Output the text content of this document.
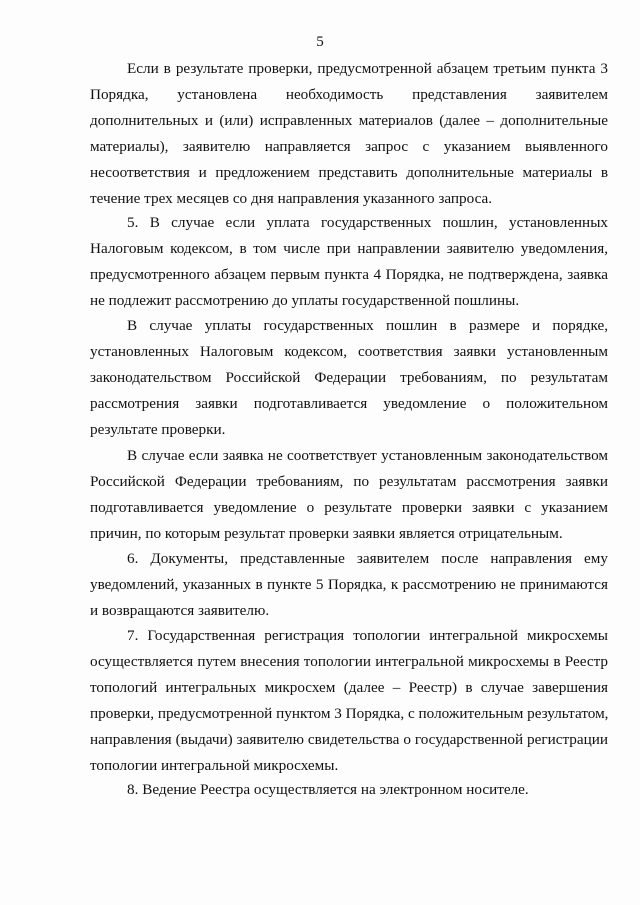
5
Если в результате проверки, предусмотренной абзацем третьим пункта 3
Порядка, установлена необходимость представления заявителем
дополнительных и (или) исправленных материалов (далее – дополнительные
материалы), заявителю направляется запрос с указанием выявленного
несоответствия и предложением представить дополнительные материалы в
течение трех месяцев со дня направления указанного запроса.
5. В случае если уплата государственных пошлин, установленных
Налоговым кодексом, в том числе при направлении заявителю уведомления,
предусмотренного абзацем первым пункта 4 Порядка, не подтверждена, заявка
не подлежит рассмотрению до уплаты государственной пошлины.
В случае уплаты государственных пошлин в размере и порядке,
установленных Налоговым кодексом, соответствия заявки установленным
законодательством Российской Федерации требованиям, по результатам
рассмотрения заявки подготавливается уведомление о положительном
результате проверки.
В случае если заявка не соответствует установленным законодательством
Российской Федерации требованиям, по результатам рассмотрения заявки
подготавливается уведомление о результате проверки заявки с указанием
причин, по которым результат проверки заявки является отрицательным.
6. Документы, представленные заявителем после направления ему
уведомлений, указанных в пункте 5 Порядка, к рассмотрению не принимаются
и возвращаются заявителю.
7. Государственная регистрация топологии интегральной микросхемы
осуществляется путем внесения топологии интегральной микросхемы в Реестр
топологий интегральных микросхем (далее – Реестр) в случае завершения
проверки, предусмотренной пунктом 3 Порядка, с положительным результатом,
направления (выдачи) заявителю свидетельства о государственной регистрации
топологии интегральной микросхемы.
8. Ведение Реестра осуществляется на электронном носителе.
